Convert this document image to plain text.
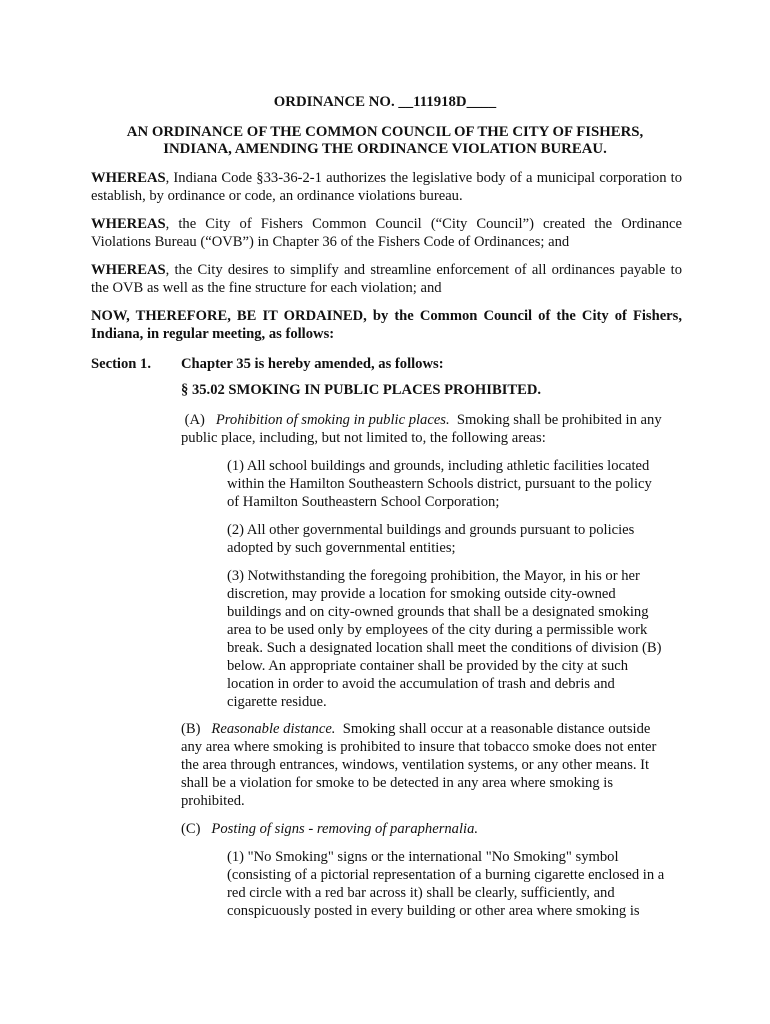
ORDINANCE NO. __111918D____
AN ORDINANCE OF THE COMMON COUNCIL OF THE CITY OF FISHERS,
INDIANA, AMENDING THE ORDINANCE VIOLATION BUREAU.

WHEREAS, Indiana Code §33-36-2-1 authorizes the legislative body of a municipal corporation to establish, by ordinance or code, an ordinance violations bureau.

WHEREAS, the City of Fishers Common Council (“City Council”) created the Ordinance Violations Bureau (“OVB”) in Chapter 36 of the Fishers Code of Ordinances; and

WHEREAS, the City desires to simplify and streamline enforcement of all ordinances payable to the OVB as well as the fine structure for each violation; and

NOW, THEREFORE, BE IT ORDAINED, by the Common Council of the City of Fishers, Indiana, in regular meeting, as follows:

Section 1. Chapter 35 is hereby amended, as follows:
§ 35.02 SMOKING IN PUBLIC PLACES PROHIBITED.
(A) Prohibition of smoking in public places. Smoking shall be prohibited in any
public place, including, but not limited to, the following areas:
(1) All school buildings and grounds, including athletic facilities located
within the Hamilton Southeastern Schools district, pursuant to the policy
of Hamilton Southeastern School Corporation;
(2) All other governmental buildings and grounds pursuant to policies
adopted by such governmental entities;
(3) Notwithstanding the foregoing prohibition, the Mayor, in his or her
discretion, may provide a location for smoking outside city-owned
buildings and on city-owned grounds that shall be a designated smoking
area to be used only by employees of the city during a permissible work
break. Such a designated location shall meet the conditions of division (B)
below. An appropriate container shall be provided by the city at such
location in order to avoid the accumulation of trash and debris and
cigarette residue.
(B) Reasonable distance. Smoking shall occur at a reasonable distance outside
any area where smoking is prohibited to insure that tobacco smoke does not enter
the area through entrances, windows, ventilation systems, or any other means. It
shall be a violation for smoke to be detected in any area where smoking is
prohibited.
(C) Posting of signs - removing of paraphernalia.
(1) "No Smoking" signs or the international "No Smoking" symbol
(consisting of a pictorial representation of a burning cigarette enclosed in a
red circle with a red bar across it) shall be clearly, sufficiently, and
conspicuously posted in every building or other area where smoking is
